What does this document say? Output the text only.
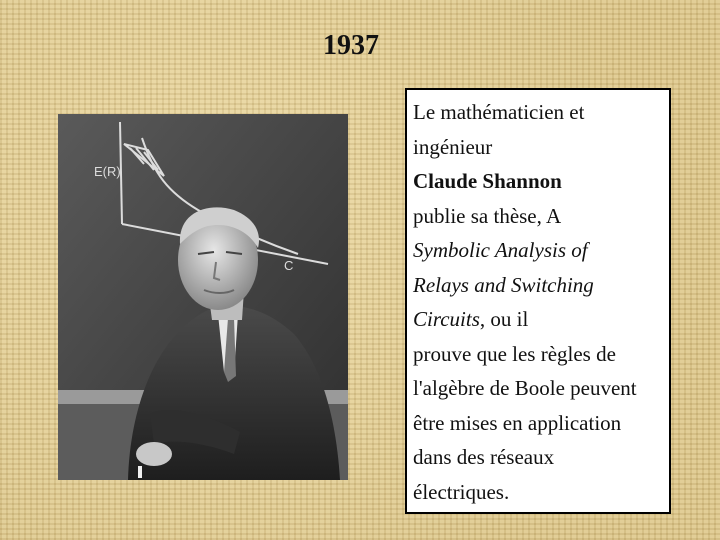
1937
E(R)
C
Le mathématicien et
ingénieur
Claude Shannon
publie sa thèse, A
Symbolic Analysis of
Relays and Switching
Circuits, ou il
prouve que les règles de
l'algèbre de Boole peuvent
être mises en application
dans des réseaux
électriques.
